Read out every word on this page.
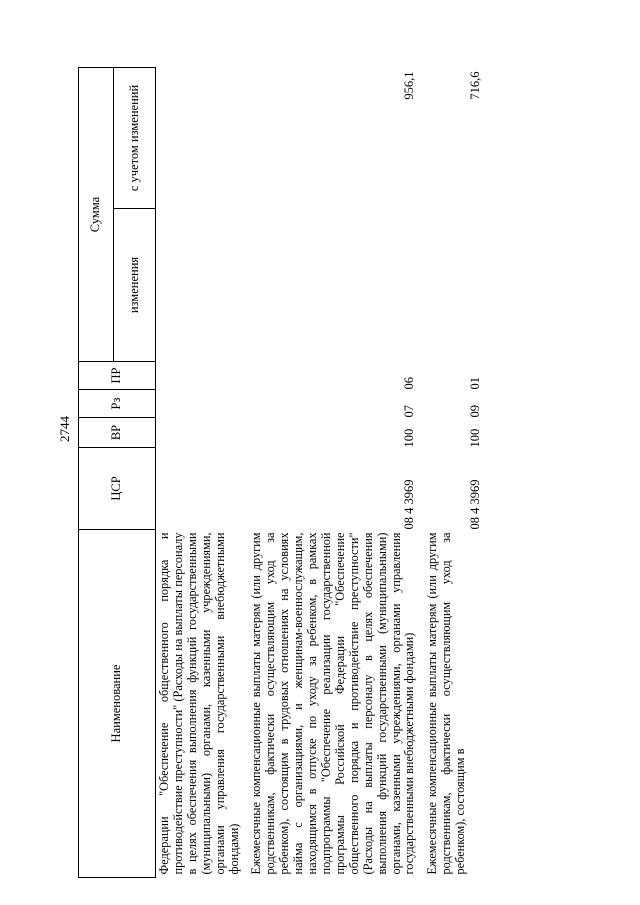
2744
Наименование	ЦСР	ВР	Рз	ПР	Сумма	
					изменения	с учетом изменений
Федерации "Обеспечение общественного порядка и противодействие преступности" (Расходы на выплаты персоналу в целях обеспечения выполнения функций государственными (муниципальными) органами, казенными учреждениями, органами управления государственными внебюджетными фондами)						
Ежемесячные компенсационные выплаты матерям (или другим родственникам, фактически осуществляющим уход за ребенком), состоящим в трудовых отношениях на условиях найма с организациями, и женщинам-военнослужащим, находящимся в отпуске по уходу за ребенком, в рамках подпрограммы "Обеспечение реализации государственной программы Российской Федерации "Обеспечение общественного порядка и противодействие преступности" (Расходы на выплаты персоналу в целях обеспечения выполнения функций государственными (муниципальными) органами, казенными учреждениями, органами управления государственными внебюджетными фондами)	08 4 3969	100	07	06		956,1
Ежемесячные компенсационные выплаты матерям (или другим родственникам, фактически осуществляющим уход за ребенком), состоящим в	08 4 3969	100	09	01		716,6
